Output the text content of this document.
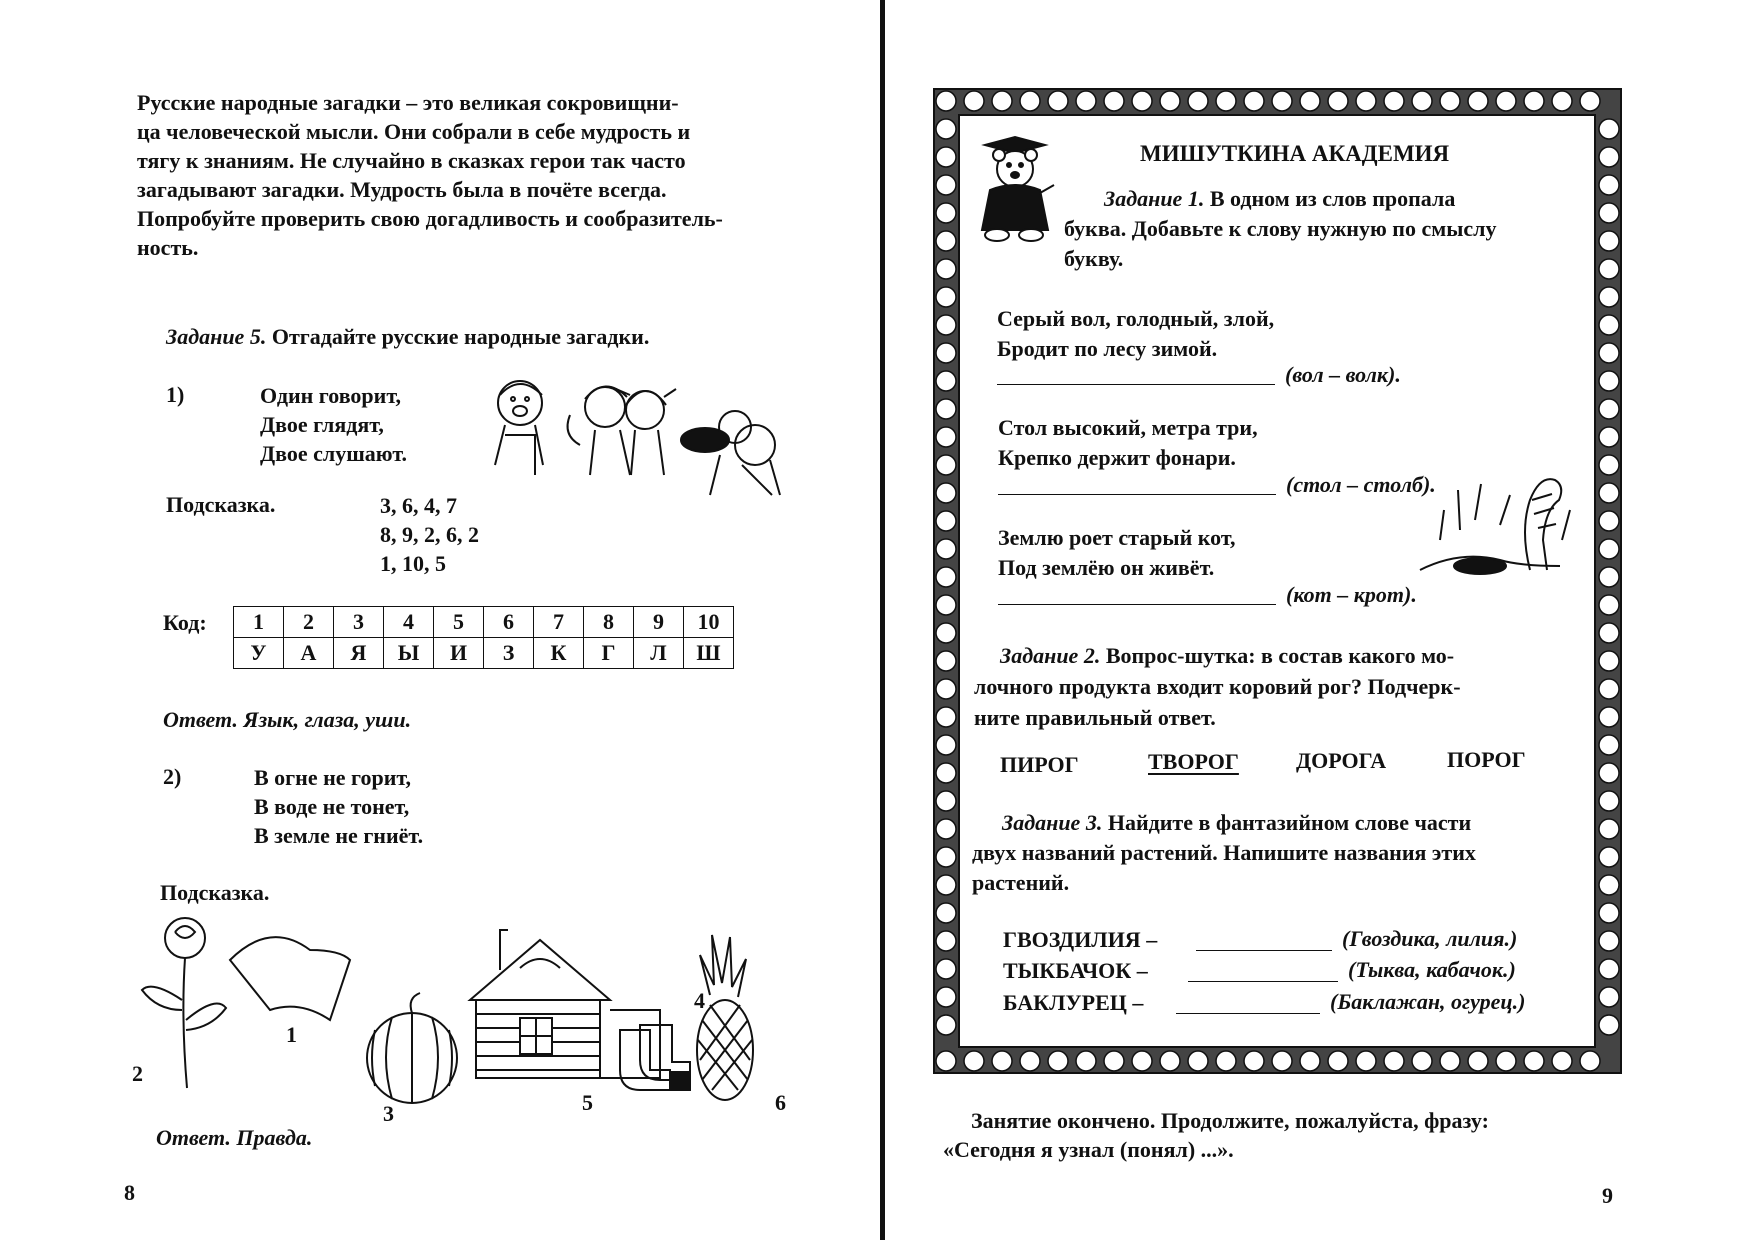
Русские народные загадки – это великая сокровищни-
ца человеческой мысли. Они собрали в себе мудрость и
тягу к знаниям. Не случайно в сказках герои так часто
загадывают загадки. Мудрость была в почёте всегда.
Попробуйте проверить свою догадливость и сообразитель-
ность.
Задание 5. Отгадайте русские народные загадки.
1)	Один говорит,
Двое глядят,
Двое слушают.
Подсказка.	3, 6, 4, 7
8, 9, 2, 6, 2
1, 10, 5
Код: 1	2	3	4	5	6	7	8	9	10
У	А	Я	Ы	И	З	К	Г	Л	Ш
Ответ. Язык, глаза, уши.
2)	В огне не горит,
В воде не тонет,
В земле не гниёт.
Подсказка.
2
1
3	5
4
6
Ответ. Правда.
8
МИШУТКИНА АКАДЕМИЯ
Задание 1. В одном из слов пропала
буква. Добавьте к слову нужную по смыслу
букву.
Серый вол, голодный, злой,
Бродит по лесу зимой.
(вол – волк).
Стол высокий, метра три,
Крепко держит фонари.
(стол – столб).
Землю роет старый кот,
Под землёю он живёт.
(кот – крот).
Задание 2. Вопрос-шутка: в состав какого мо-
лочного продукта входит коровий рог? Подчерк-
ните правильный ответ.
ПИРОГ	ТВОРОГ	ДОРОГА	ПОРОГ
Задание 3. Найдите в фантазийном слове части
двух названий растений. Напишите названия этих
растений.
ГВОЗДИЛИЯ –	(Гвоздика, лилия.)
ТЫКБАЧОК –	(Тыква, кабачок.)
БАКЛУРЕЦ –	(Баклажан, огурец.)
Занятие окончено. Продолжите, пожалуйста, фразу:
«Сегодня я узнал (понял) ...».
9
